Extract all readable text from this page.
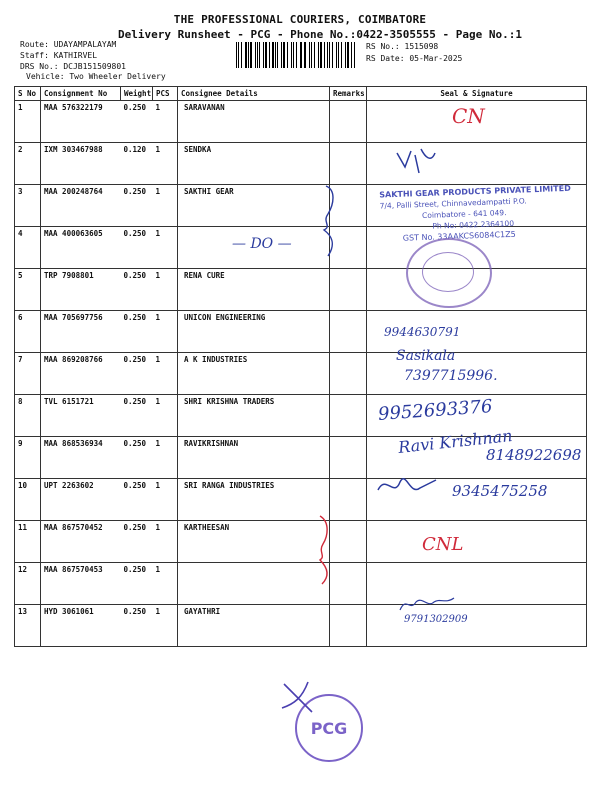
THE PROFESSIONAL COURIERS, COIMBATORE
Delivery Runsheet - PCG - Phone No.:0422-3505555 - Page No.:1
Route: UDAYAMPALAYAM
Staff: KATHIRVEL
DRS No.: DCJB151509801
Vehicle: Two Wheeler Delivery
RS No.: 1515098
RS Date: 05-Mar-2025
S No	Consignment No	Weight	PCS	Consignee Details	Remarks	Seal & Signature
1	MAA 576322179	0.250	1	SARAVANAN		
2	IXM 303467988	0.120	1	SENDKA		
3	MAA 200248764	0.250	1	SAKTHI GEAR		
4	MAA 400063605	0.250	1			
5	TRP 7908801	0.250	1	RENA CURE		
6	MAA 705697756	0.250	1	UNICON ENGINEERING		
7	MAA 869208766	0.250	1	A K INDUSTRIES		
8	TVL 6151721	0.250	1	SHRI KRISHNA TRADERS		
9	MAA 868536934	0.250	1	RAVIKRISHNAN		
10	UPT 2263602	0.250	1	SRI RANGA INDUSTRIES		
11	MAA 867570452	0.250	1	KARTHEESAN		
12	MAA 867570453	0.250	1			
13	HYD 3061061	0.250	1	GAYATHRI		
CN
— DO —
SAKTHI GEAR PRODUCTS PRIVATE LIMITED
7/4, Palli Street, Chinnavedampatti P.O.
Coimbatore - 641 049.
Ph No: 0422 2364100
GST No. 33AAKCS6084C1Z5
9944630791
Sasikala
7397715996.
9952693376
Ravi Krishnan
8148922698
9345475258
CNL
9791302909
PCG
